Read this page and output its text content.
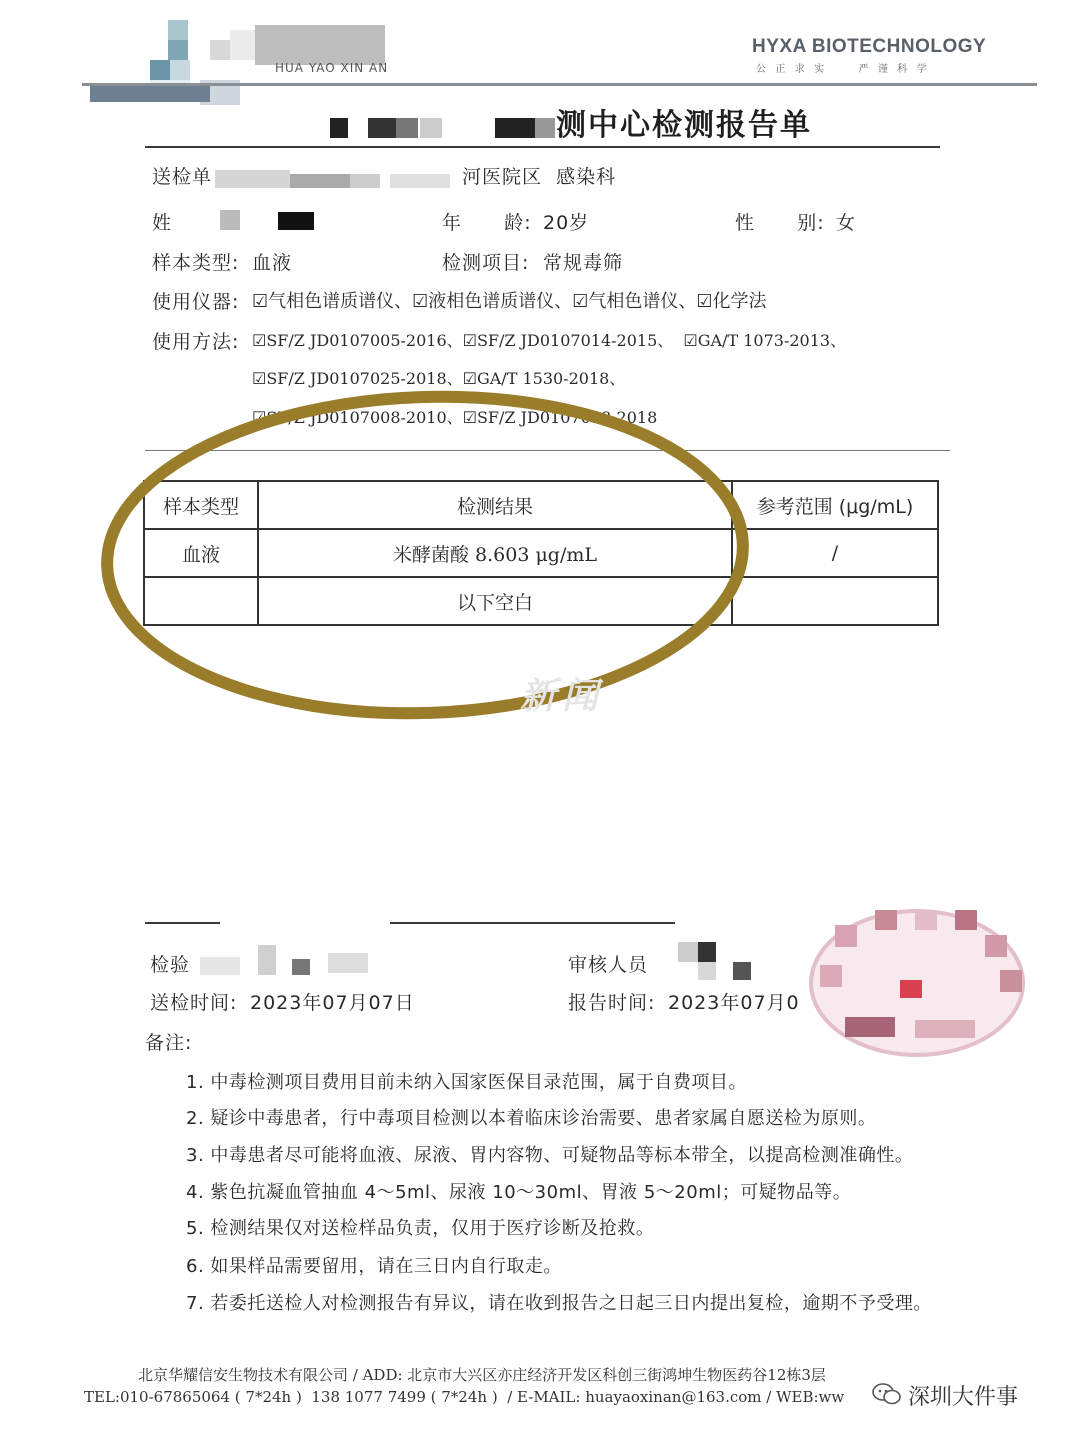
HUA YAO XIN AN
HYXA BIOTECHNOLOGY
公  正  求  实        严  谨  科  学
测中心检测报告单
送检单	河医院区  感染科
姓	年      龄: 20岁	性      别: 女
样本类型: 血液	检测项目: 常规毒筛
使用仪器: ☑气相色谱质谱仪、☑液相色谱质谱仪、☑气相色谱仪、☑化学法
使用方法: ☑SF/Z JD0107005-2016、☑SF/Z JD0107014-2015、  ☑GA/T 1073-2013、
☑SF/Z JD0107025-2018、☑GA/T 1530-2018、
☑SF/Z JD0107008-2010、☑SF/Z JD0107018-2018
样本类型	检测结果	参考范围 (μg/mL)
血液	米酵菌酸 8.603 μg/mL	/
	以下空白	
新闻
检验	审核人员
送检时间: 2023年07月07日	报告时间: 2023年07月0
备注:
1. 中毒检测项目费用目前未纳入国家医保目录范围，属于自费项目。
2. 疑诊中毒患者，行中毒项目检测以本着临床诊治需要、患者家属自愿送检为原则。
3. 中毒患者尽可能将血液、尿液、胃内容物、可疑物品等标本带全，以提高检测准确性。
4. 紫色抗凝血管抽血 4～5ml、尿液 10～30ml、胃液 5～20ml；可疑物品等。
5. 检测结果仅对送检样品负责，仅用于医疗诊断及抢救。
6. 如果样品需要留用，请在三日内自行取走。
7. 若委托送检人对检测报告有异议，请在收到报告之日起三日内提出复检，逾期不予受理。
北京华耀信安生物技术有限公司 / ADD: 北京市大兴区亦庄经济开发区科创三街鸿坤生物医药谷12栋3层
TEL:010-67865064 ( 7*24h )  138 1077 7499 ( 7*24h )  / E-MAIL: huayaoxinan@163.com / WEB:ww	深圳大件事
